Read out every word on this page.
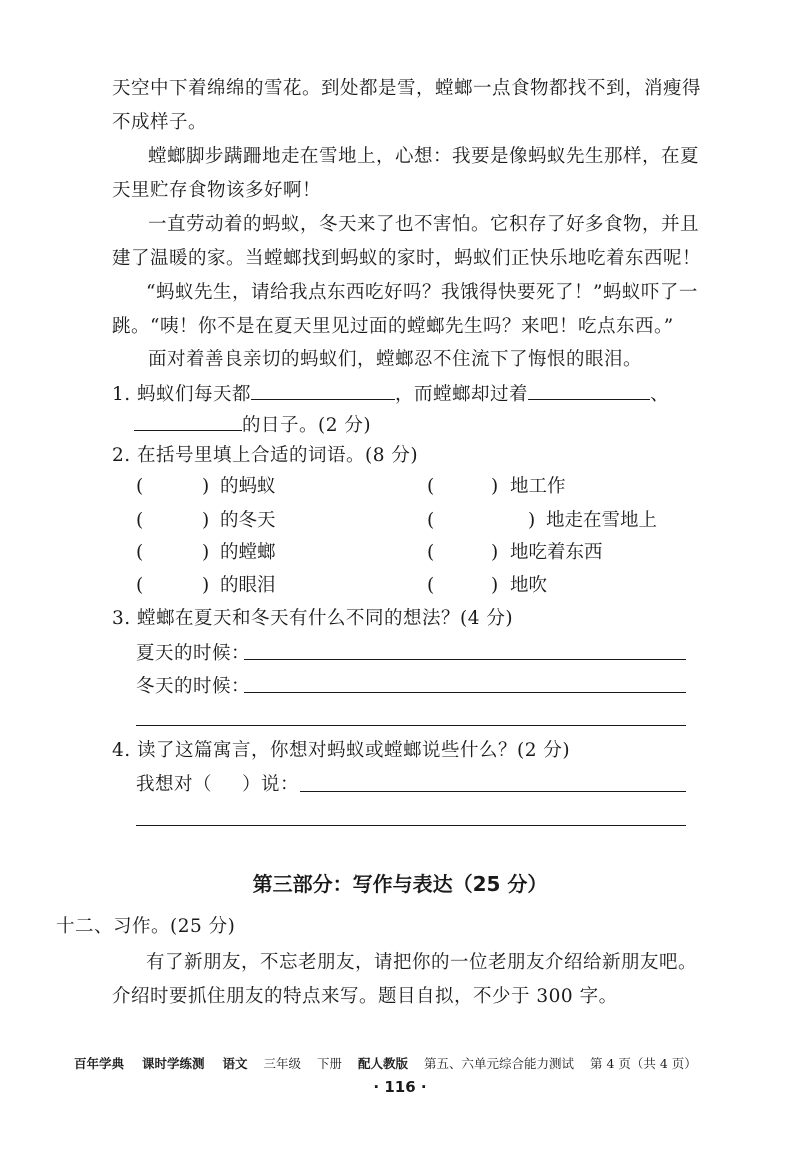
天空中下着绵绵的雪花。到处都是雪，螳螂一点食物都找不到，消瘦得
不成样子。
螳螂脚步蹒跚地走在雪地上，心想：我要是像蚂蚁先生那样，在夏
天里贮存食物该多好啊！
一直劳动着的蚂蚁，冬天来了也不害怕。它积存了好多食物，并且
建了温暖的家。当螳螂找到蚂蚁的家时，蚂蚁们正快乐地吃着东西呢！
“蚂蚁先生，请给我点东西吃好吗？我饿得快要死了！”蚂蚁吓了一
跳。“咦！你不是在夏天里见过面的螳螂先生吗？来吧！吃点东西。”
面对着善良亲切的蚂蚁们，螳螂忍不住流下了悔恨的眼泪。
1. 蚂蚁们每天都	，而螳螂却过着	、
的日子。(2 分)
2. 在括号里填上合适的词语。(8 分)
(	) 的蚂蚁	(	) 地工作
(	) 的冬天	(	) 地走在雪地上
(	) 的螳螂	(	) 地吃着东西
(	) 的眼泪	(	) 地吹
3. 螳螂在夏天和冬天有什么不同的想法？(4 分)
夏天的时候：
冬天的时候：
4. 读了这篇寓言，你想对蚂蚁或螳螂说些什么？(2 分)
我想对（ ）说：
第三部分：写作与表达（25 分）
十二、习作。(25 分)
有了新朋友，不忘老朋友，请把你的一位老朋友介绍给新朋友吧。
介绍时要抓住朋友的特点来写。题目自拟，不少于 300 字。
百年学典 课时学练测 语文 三年级 下册 配人教版 第五、六单元综合能力测试 第 4 页（共 4 页）
· 116 ·
